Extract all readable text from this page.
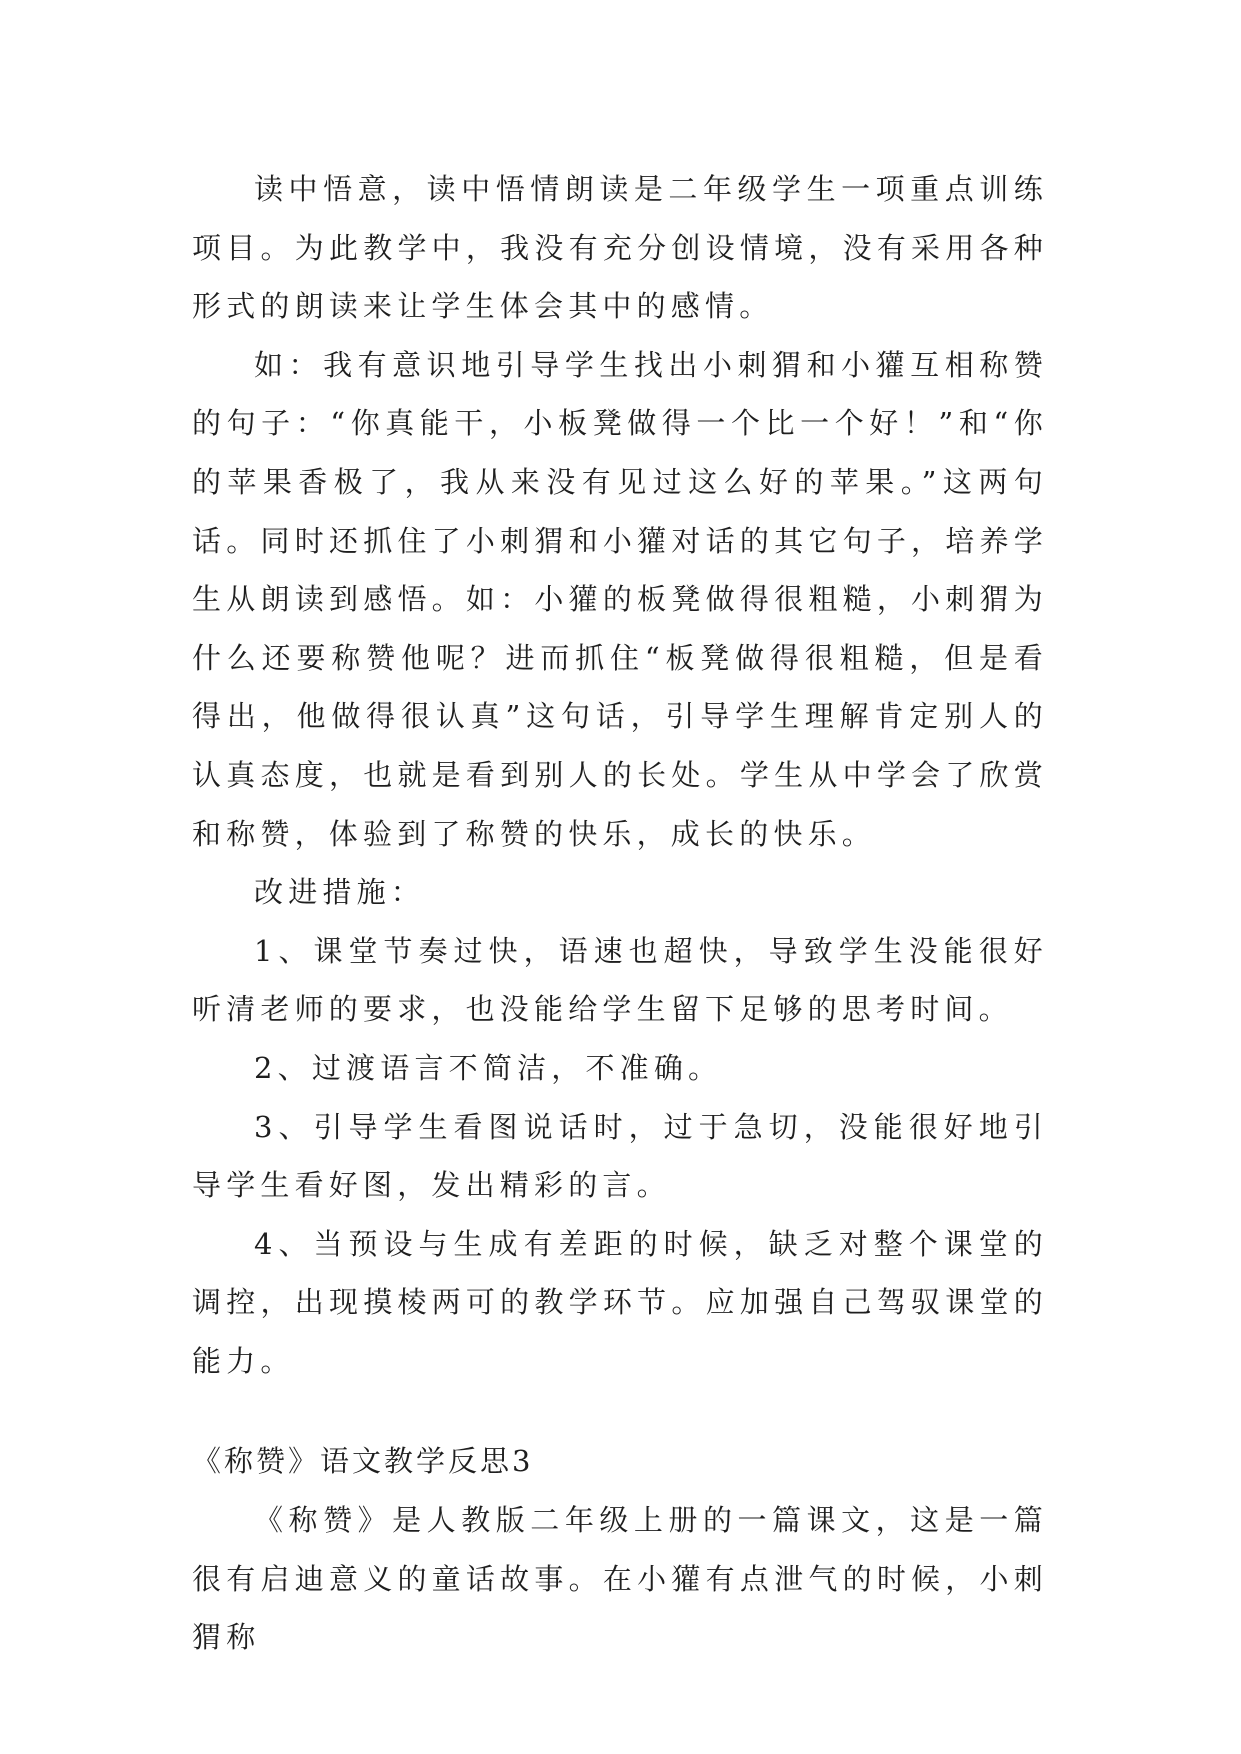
读中悟意，读中悟情朗读是二年级学生一项重点训练项目。为此教学中，我没有充分创设情境，没有采用各种形式的朗读来让学生体会其中的感情。

如：我有意识地引导学生找出小刺猬和小獾互相称赞的句子：“你真能干，小板凳做得一个比一个好！”和“你的苹果香极了，我从来没有见过这么好的苹果。”这两句话。同时还抓住了小刺猬和小獾对话的其它句子，培养学生从朗读到感悟。如：小獾的板凳做得很粗糙，小刺猬为什么还要称赞他呢？进而抓住“板凳做得很粗糙，但是看得出，他做得很认真”这句话，引导学生理解肯定别人的认真态度，也就是看到别人的长处。学生从中学会了欣赏和称赞，体验到了称赞的快乐，成长的快乐。

改进措施：

1、课堂节奏过快，语速也超快，导致学生没能很好听清老师的要求，也没能给学生留下足够的思考时间。

2、过渡语言不简洁，不准确。

3、引导学生看图说话时，过于急切，没能很好地引导学生看好图，发出精彩的言。

4、当预设与生成有差距的时候，缺乏对整个课堂的调控，出现摸棱两可的教学环节。应加强自己驾驭课堂的能力。

《称赞》语文教学反思3

《称赞》是人教版二年级上册的一篇课文，这是一篇很有启迪意义的童话故事。在小獾有点泄气的时候，小刺猬称
